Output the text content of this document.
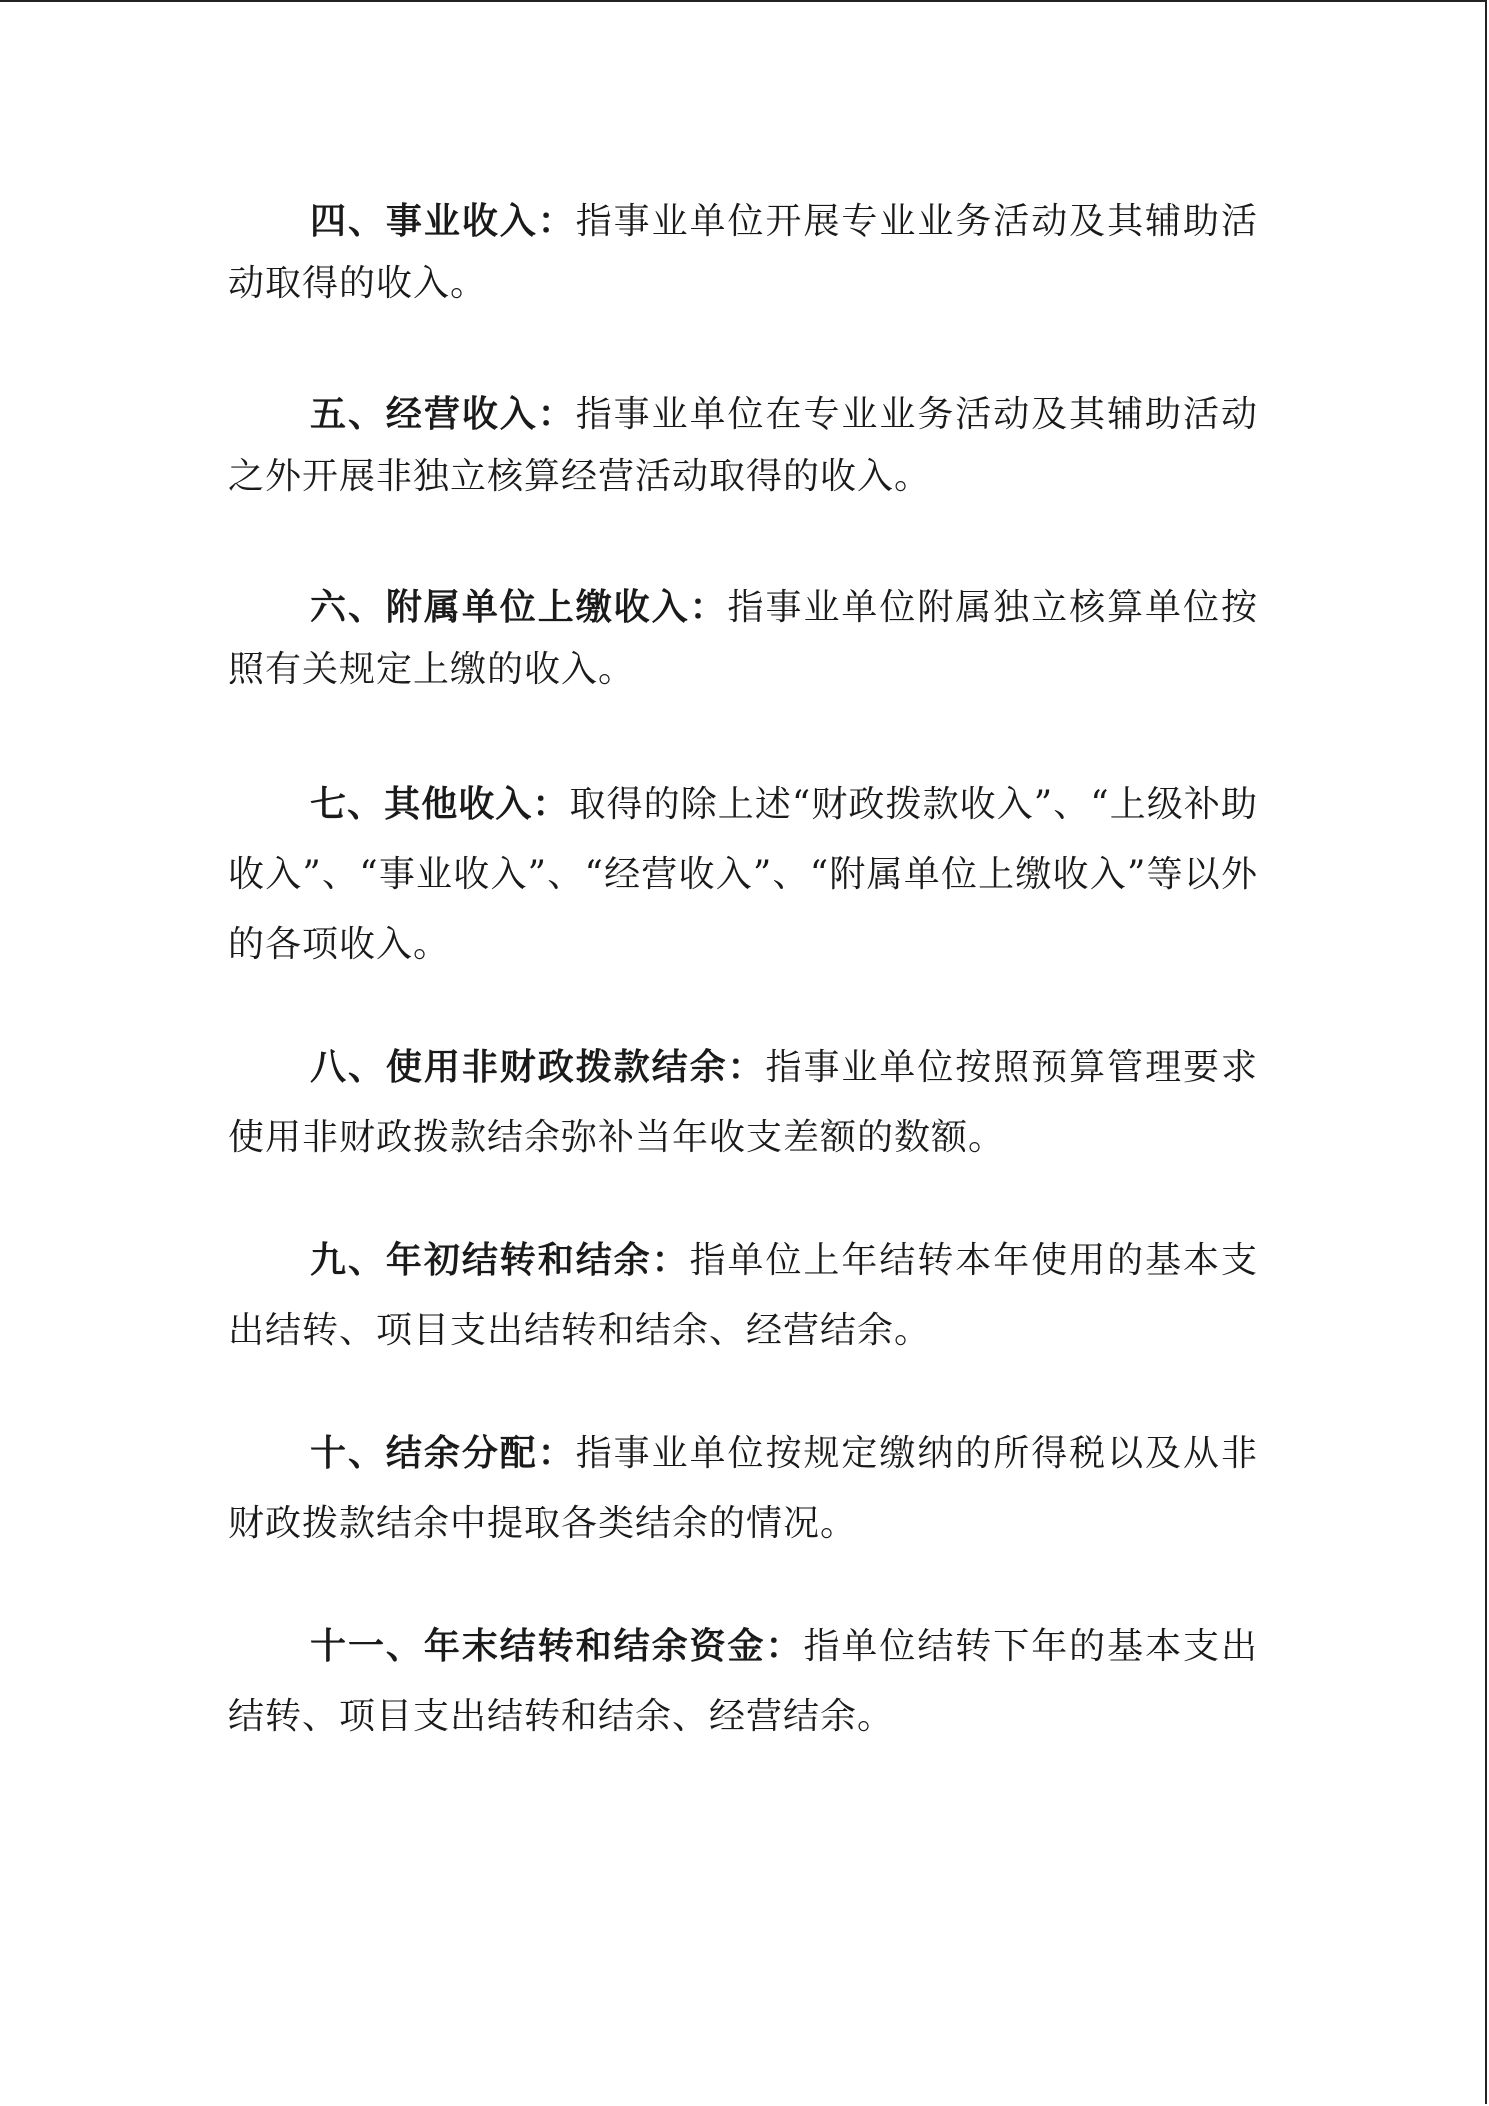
四、事业收入：指事业单位开展专业业务活动及其辅助活动取得的收入。

五、经营收入：指事业单位在专业业务活动及其辅助活动之外开展非独立核算经营活动取得的收入。

六、附属单位上缴收入：指事业单位附属独立核算单位按照有关规定上缴的收入。

七、其他收入：取得的除上述“财政拨款收入”、“上级补助收入”、“事业收入”、“经营收入”、“附属单位上缴收入”等以外的各项收入。

八、使用非财政拨款结余：指事业单位按照预算管理要求使用非财政拨款结余弥补当年收支差额的数额。

九、年初结转和结余：指单位上年结转本年使用的基本支出结转、项目支出结转和结余、经营结余。

十、结余分配：指事业单位按规定缴纳的所得税以及从非财政拨款结余中提取各类结余的情况。

十一、年末结转和结余资金：指单位结转下年的基本支出结转、项目支出结转和结余、经营结余。
